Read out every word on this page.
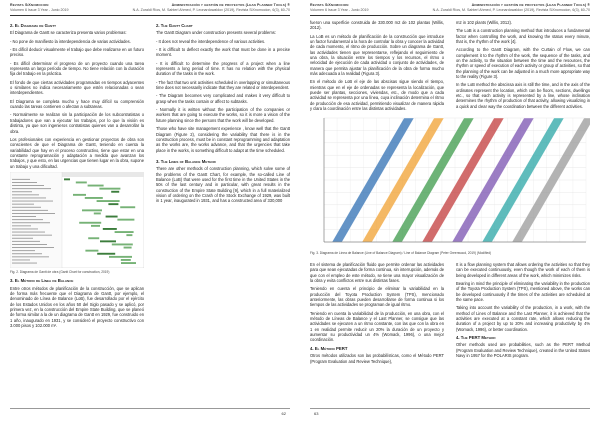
Revista SiXnomocion
Volumen 6 Issue 3 Year - Junio 2019
Administración y gestión de proyectos (Lean Planner Tools) ®
N.A. Zuraldi Ríos, M. Sahterl Ahmed, P. Leonardowaldov (2019), Revista SiXnomocion, 6(3), 60-70
2. El Diagrama de Gantt
El Diagrama de Gantt se caracteriza presenta varios problemas:
- No pone de manifiesto la interdependencia de varias actividades.
- Es difícil deducir visualmente el trabajo que debe realizarse en un futuro preciso.
- Es difícil determinar el progreso de un proyecto cuando una tarea representa un largo período de tiempo. No tiene relación con la duración fija del trabajo en la práctica.
El fondo de que ciertas actividades programadas en tiempos adyacentes o similares no indica necesariamente que estén relacionadas o sean interdependientes.
El Diagrama se completa mucho y hace muy difícil su comprensión cuando las tareas contienen o afectan a subtareas.
- Normalmente se realizan sin la participación de los subcontratistas o trabajadores que van a ejecutar los trabajos, por lo que la visión es distinta, ya que son ingenieros contratistas quienes van a desarrollar la obra.
Los profesionales con experiencia en gestionar proyectos de obra son conscientes de que el Diagrama de Gantt, teniendo en cuenta la variabilidad que hay en el proceso constructivo, tiene que estar en una constante reprogramación y adaptación a medida que avanzan los trabajos, y que esto, en las urgencias que tienen lugar en la obra, supone un trabajo y una dificultad.
Fig. 2. Diagrama de Gantt de obra (Gantt Chart for construction, 2019)
3. El Método de Línea de Balance
Entre otros métodos de planificación de la construcción, que se aplican de forma más frecuente que el Diagrama de Gantt, por ejemplo, el denominado de Línea de Balance (LoB), fue desarrollado por el ejército de los Estados Unidos en los años 50 del Siglo pasado y se aplicó, por primera vez, en la construcción del Empire State Building, que se planeó de forma similar a la de un diagrama de Gantt en 1929, fue construido en 1 año, inaugurado en 1931, y se consideró el proyecto constructivo con 3.000 pisos y 102.000 m².
2. The Gantt Chart
The Gantt Diagram under construction presents several problems:
- It does not reveal the interdependence of various activities.
- It is difficult to deflect exactly the work that must be done in a precise moment.
- It is difficult to determine the progress of a project when a line represents a long period of time. It has no relation with the physical duration of the tasks in the work.
- The fact that two unit activities scheduled in overlapping or simultaneous time does not necessarily indicate that they are related or interdependent.
- The Diagram becomes very complicated and makes it very difficult to grasp when the tasks contain or affect to subtasks.
- Normally it is written without the participation of the companies or workers that are going to execute the works, so it is more a vision of the future planning since the persons that the work will be developed.
Those who have site management experience , know well that the Gantt Diagram (Figure 2), considering the variability that there is in the construction process, must be in constant reprogramming and adaptation as the works are, the works advance, and that the urgencies that take place in the works, is something difficult to adapt at the time scheduled.
3. The Lines of Balance Method
There are other methods of construction planning, which solve some of the problems of the Gantt Chart, for example, the so-called Line of Balance (LoB) that were used for the first time in the United States in the 50s of the last century and in particular, with great results in the construction of the Empire State Building [9], which in a full materialized vision of ordering on the Crash of the Stock Exchange of 1929, was built in 1 year, inaugurated in 1931, and has a constructed area of 330,000
62
Revista SiXnomocion
Volumen 6 Issue 3 Year - Junio 2019
Administración y gestión de proyectos (Lean Planner Tools) ®
N.A. Zuraldi Ríos, M. Sahterl Ahmed, P. Leonardowaldov (2019), Revista SiXnomocion, 6(3), 60-70
fueron una superficie construida de 330.000 m2 de 102 plantas (Willis, 2012).
La LoB es un método de planificación de la construcción que introduce un factor fundamental a la hora de controlar la obra y conocer la actividad de cada momento, el ritmo de producción. Sobre un diagrama de Gantt, las actividades tienen que representarse, reflejando el seguimiento de una obra, la situación entre los tiempos y los recursos, el ritmo o velocidad de ejecución de cada actividad o conjunto de actividades, de manera que permita ajustar la planificación de la obra de forma mucho más adecuada a la realidad (Figura 3).
En el método de LoB el eje de las abscisas sigue siendo el tiempo, mientras que en el eje de ordenadas se representa la localización, que puede ser plantas, secciones, viviendas, etc., de modo que a cada actividad se representa por una línea, cuya inclinación determina el ritmo de producción de esa actividad, permitiendo visualizar de manera rápida y clara la coordinación entre las distintas actividades.
m2 in 102 plants (Willis, 2012).
The LoB is a construction planning method that introduces a fundamental factor when controlling the work, and knowing the status every minute, that is, the rhythm of the work [4].
According to the Gantt Diagram, with the Curtain of Flow, we can complement it to the rhythm of the work, the sequence of the tasks, and on the activity, to the situation between the time and the resources, the rhythm or speed of execution of each activity or group of activities, so that the planning of the work can be adjusted in a much more appropriate way to the reality (Figure 3).
In the LoB method the abscissa axis is still the time, and in the axis of the ordinates represent the location, which can be floors, sections, dwellings etc., so that each activity is represented by a line, whose inclination determines the rhythm of production of that activity, allowing visualizing in a quick and clear way the coordination between the different activities.
Fig. 3. Diagrama de Línea de Balance (Line of Balance Diagram) / Line of Balance Diagram (Peter Greenwood, 2019) (Modified)
En el sistema de planificación fluido que permite ordenar las actividades para que sean ejecutadas de forma continua, sin interrupción, además de que con el empleo de este método, se tiene una mayor visualización de la obra y evita conflictos entre sus distintas fases.
Teniendo en cuenta el principio de eliminar la variabilidad en la producción del Toyota Production System (TPS), mencionado anteriormente, las obras pueden desarrollarse de forma continua si los tiempos de las actividades se programan de igual ritmo.
Teniendo en cuenta la variabilidad de la producción, en una obra, con el método de Líneas de Balance y el Last Planner, se consigue que las actividades se ejecuten a un ritmo constante, con las que con la obra en 1 en realidad permite reducir un 20% la duración de un proyecto y aumentar su productividad un 4% (Womack, 1996), o una mejor coordinación.
4. El Método PERT
Otros métodos utilizados son las probabilísticas, como el Método PERT (Program Evaluation and Review Technique),
It is a flow planning system that allows ordering the activities so that they can be executed continuously, even though the work of each of them is being developed in different areas of the work, which minimizes risks.
Bearing in mind the principle of eliminating the variability in the production of the Toyota Production System (TPS), mentioned above, the works can be developed continuously if the times of the activities are scheduled at the same pace.
Taking into account the variability of the production, in a work, with the method of Lines of Balance and the Last Planner, it is achieved that the activities are executed at a constant rate, which allows reducing the duration of a project by up to 20% and increasing productivity by 4% (Womack, 1996), or better coordination.
4. The PERT Method
Other methods used are probabilities, such as the PERT Method (Program Evaluation and Review Technique), created in the United States Navy in 1957 for the POLARIS program.
63
